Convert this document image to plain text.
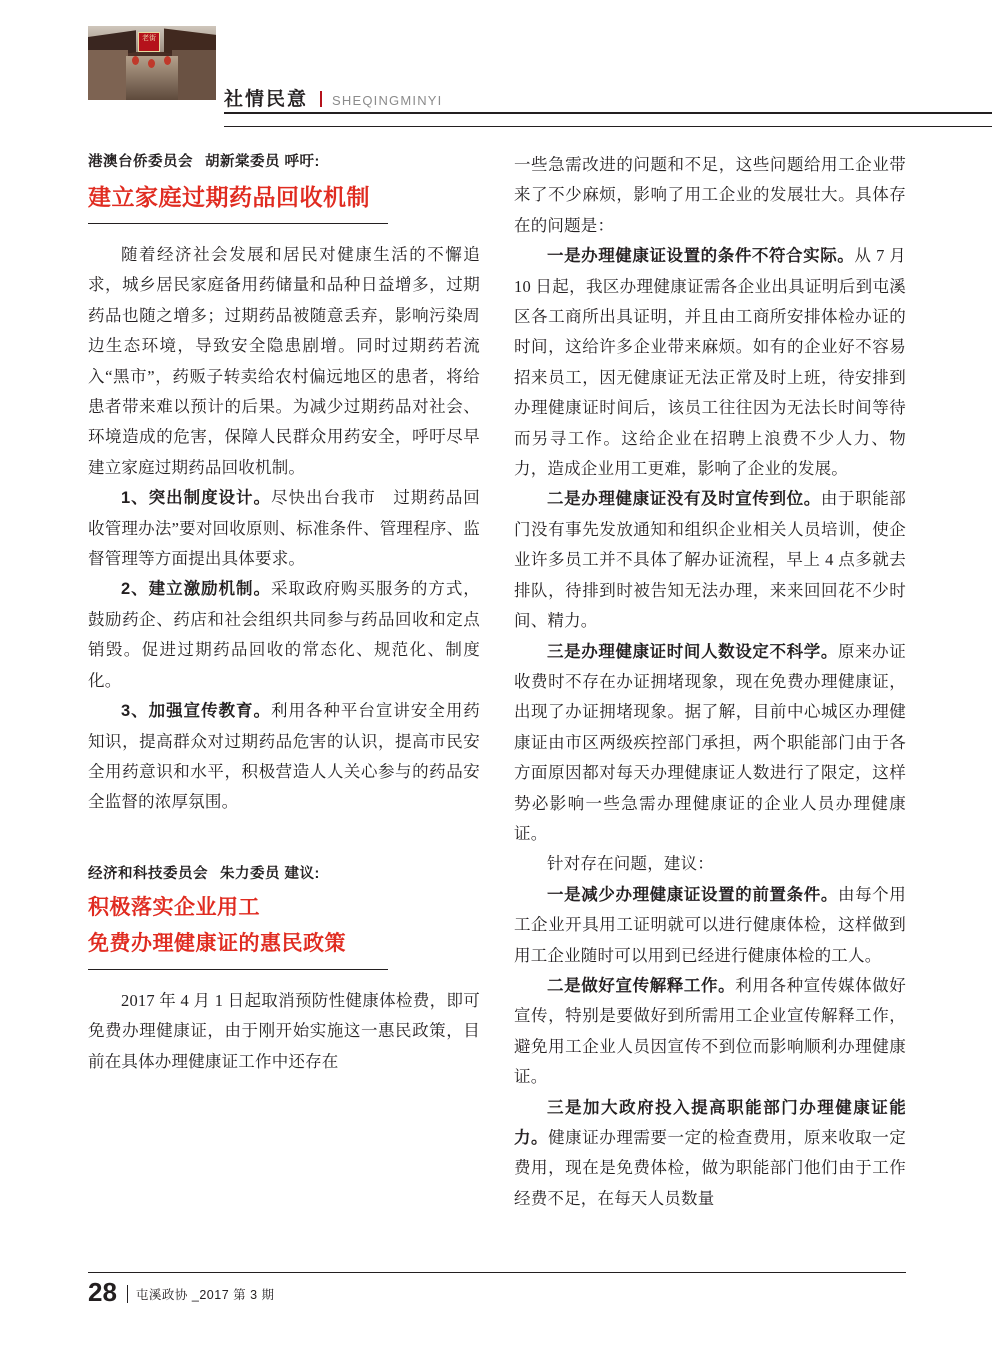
老街
社情民意 SHEQINGMINYI
港澳台侨委员会 胡新棠委员 呼吁:
建立家庭过期药品回收机制

随着经济社会发展和居民对健康生活的不懈追求，城乡居民家庭备用药储量和品种日益增多，过期药品也随之增多；过期药品被随意丢弃，影响污染周边生态环境，导致安全隐患剧增。同时过期药若流入“黑市”，药贩子转卖给农村偏远地区的患者，将给患者带来难以预计的后果。为减少过期药品对社会、环境造成的危害，保障人民群众用药安全，呼吁尽早建立家庭过期药品回收机制。

1、突出制度设计。尽快出台我市　过期药品回收管理办法”要对回收原则、标准条件、管理程序、监督管理等方面提出具体要求。

2、建立激励机制。采取政府购买服务的方式，鼓励药企、药店和社会组织共同参与药品回收和定点销毁。促进过期药品回收的常态化、规范化、制度化。

3、加强宣传教育。利用各种平台宣讲安全用药知识，提高群众对过期药品危害的认识，提高市民安全用药意识和水平，积极营造人人关心参与的药品安全监督的浓厚氛围。

经济和科技委员会 朱力委员 建议:
积极落实企业用工
免费办理健康证的惠民政策

2017 年 4 月 1 日起取消预防性健康体检费，即可免费办理健康证，由于刚开始实施这一惠民政策，目前在具体办理健康证工作中还存在

一些急需改进的问题和不足，这些问题给用工企业带来了不少麻烦，影响了用工企业的发展壮大。具体存在的问题是：

一是办理健康证设置的条件不符合实际。从 7 月 10 日起，我区办理健康证需各企业出具证明后到屯溪区各工商所出具证明，并且由工商所安排体检办证的时间，这给许多企业带来麻烦。如有的企业好不容易招来员工，因无健康证无法正常及时上班，待安排到办理健康证时间后，该员工往往因为无法长时间等待而另寻工作。这给企业在招聘上浪费不少人力、物力，造成企业用工更难，影响了企业的发展。

二是办理健康证没有及时宣传到位。由于职能部门没有事先发放通知和组织企业相关人员培训，使企业许多员工并不具体了解办证流程，早上 4 点多就去排队，待排到时被告知无法办理，来来回回花不少时间、精力。

三是办理健康证时间人数设定不科学。原来办证收费时不存在办证拥堵现象，现在免费办理健康证，出现了办证拥堵现象。据了解，目前中心城区办理健康证由市区两级疾控部门承担，两个职能部门由于各方面原因都对每天办理健康证人数进行了限定，这样势必影响一些急需办理健康证的企业人员办理健康证。

针对存在问题，建议：

一是减少办理健康证设置的前置条件。由每个用工企业开具用工证明就可以进行健康体检，这样做到用工企业随时可以用到已经进行健康体检的工人。

二是做好宣传解释工作。利用各种宣传媒体做好宣传，特别是要做好到所需用工企业宣传解释工作，避免用工企业人员因宣传不到位而影响顺利办理健康证。

三是加大政府投入提高职能部门办理健康证能力。健康证办理需要一定的检查费用，原来收取一定费用，现在是免费体检，做为职能部门他们由于工作经费不足，在每天人员数量

28 屯溪政协 _2017 第 3 期
